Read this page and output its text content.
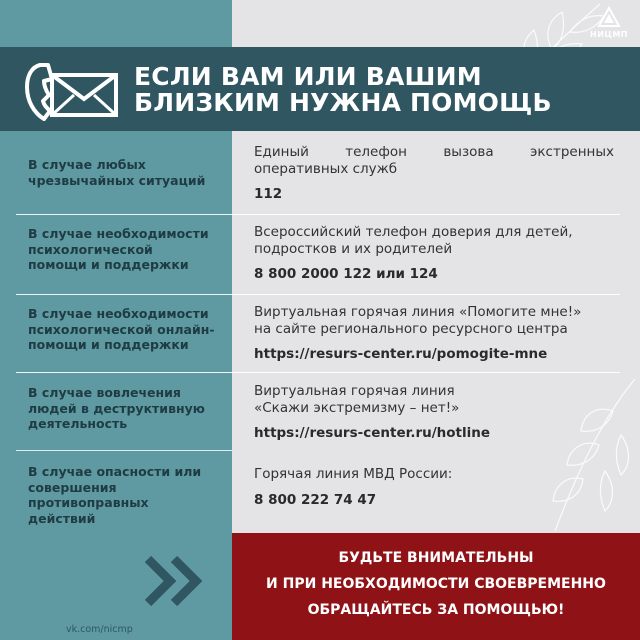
НИЦМП
ЕСЛИ ВАМ ИЛИ ВАШИМ
БЛИЗКИМ НУЖНА ПОМОЩЬ
В случае любых
чрезвычайных ситуаций
Единый телефон вызова экстренных
оперативных служб
112
В случае необходимости
психологической
помощи и поддержки
Всероссийский телефон доверия для детей,
подростков и их родителей
8 800 2000 122 или 124
В случае необходимости
психологической онлайн-
помощи и поддержки
Виртуальная горячая линия «Помогите мне!»
на сайте регионального ресурсного центра
https://resurs-center.ru/pomogite-mne
В случае вовлечения
людей в деструктивную
деятельность
Виртуальная горячая линия
«Скажи экстремизму – нет!»
https://resurs-center.ru/hotline
В случае опасности или
совершения
противоправных
действий
Горячая линия МВД России:
8 800 222 74 47
vk.com/nicmp
БУДЬТЕ ВНИМАТЕЛЬНЫ
И ПРИ НЕОБХОДИМОСТИ СВОЕВРЕМЕННО
ОБРАЩАЙТЕСЬ ЗА ПОМОЩЬЮ!
